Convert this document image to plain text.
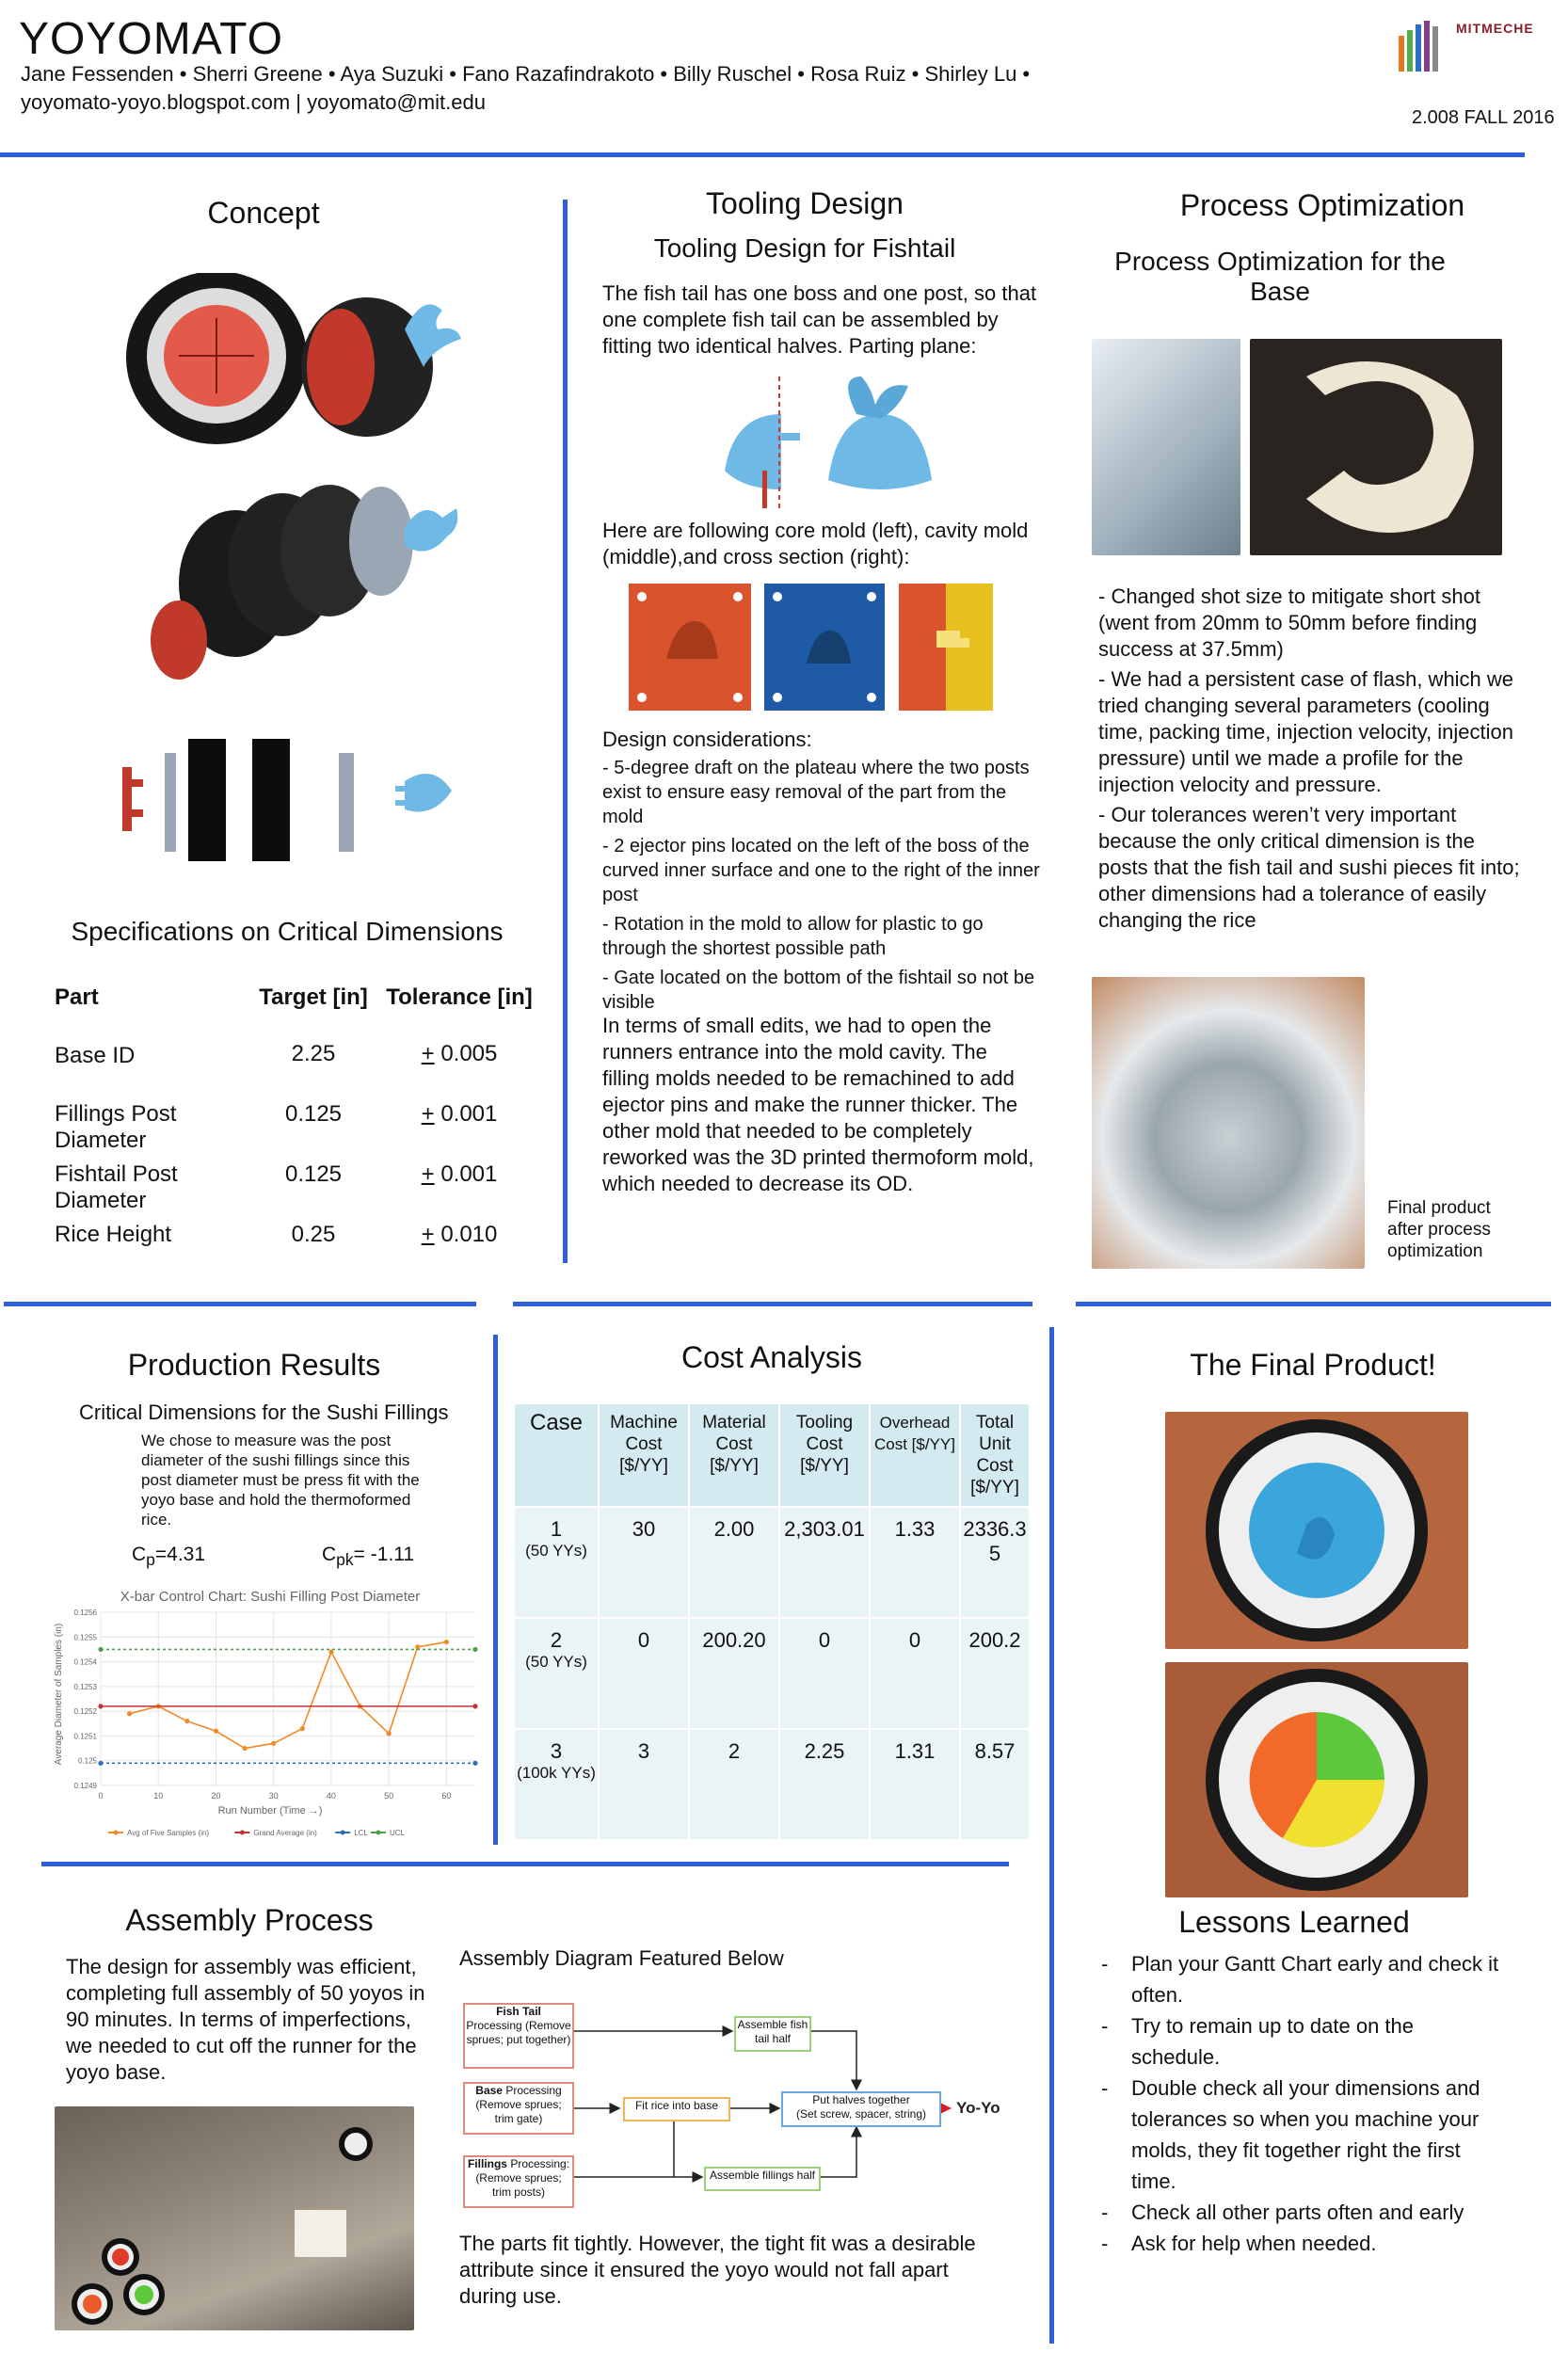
YOYOMATO
Jane Fessenden • Sherri Greene • Aya Suzuki • Fano Razafindrakoto • Billy Ruschel • Rosa Ruiz • Shirley Lu •
yoyomato-yoyo.blogspot.com | yoyomato@mit.edu
MITMECHE
2.008 FALL 2016
Concept
Specifications on Critical Dimensions
Part	Target [in]	Tolerance [in]
Base ID	2.25	+ 0.005
Fillings Post Diameter	0.125	+ 0.001
Fishtail Post Diameter	0.125	+ 0.001
Rice Height	0.25	+ 0.010
Tooling Design
Tooling Design for Fishtail
The fish tail has one boss and one post, so that one complete fish tail can be assembled by fitting two identical halves. Parting plane:
Here are following core mold (left), cavity mold (middle),and cross section (right):
Design considerations:
- 5-degree draft on the plateau where the two posts exist to ensure easy removal of the part from the mold
- 2 ejector pins located on the left of the boss of the curved inner surface and one to the right of the inner post
- Rotation in the mold to allow for plastic to go through the shortest possible path
- Gate located on the bottom of the fishtail so not be visible
In terms of small edits, we had to open the runners entrance into the mold cavity. The filling molds needed to be remachined to add ejector pins and make the runner thicker. The other mold that needed to be completely reworked was the 3D printed thermoform mold, which needed to decrease its OD.
Process Optimization
Process Optimization for the Base
- Changed shot size to mitigate short shot (went from 20mm to 50mm before finding success at 37.5mm)
- We had a persistent case of flash, which we tried changing several parameters (cooling time, packing time, injection velocity, injection pressure) until we made a profile for the injection velocity and pressure.
- Our tolerances weren’t very important because the only critical dimension is the posts that the fish tail and sushi pieces fit into; other dimensions had a tolerance of easily changing the rice
Final product after process optimization
Production Results
Critical Dimensions for the Sushi Fillings
We chose to measure was the post diameter of the sushi fillings since this post diameter must be press fit with the yoyo base and hold the thermoformed rice.
$C_p=4.31$	$C_{pk}= -1.11$
X-bar Control Chart: Sushi Filling Post Diameter
0.1249
0.125
0.1251
0.1252
0.1253
0.1254
0.1255
0.1256
0	10	20	30	40	50	60
Run Number (Time →)
Average Diameter of Samples (in)
Avg of Five Samples (in)	Grand Average (in)	LCL	UCL
Cost Analysis
Case	Machine Cost [$/YY]	Material Cost [$/YY]	Tooling Cost [$/YY]	Overhead Cost [$/YY]	Total Unit Cost [$/YY]
1
(50 YYs)	30	2.00	2,303.01	1.33	2336.35
2
(50 YYs)	0	200.20	0	0	200.2
3
(100k YYs)	3	2	2.25	1.31	8.57
The Final Product!
Lessons Learned
-	Plan your Gantt Chart early and check it often.
-	Try to remain up to date on the schedule.
-	Double check all your dimensions and tolerances so when you machine your molds, they fit together right the first time.
-	Check all other parts often and early
-	Ask for help when needed.
Assembly Process
The design for assembly was efficient, completing full assembly of 50 yoyos in 90 minutes. In terms of imperfections, we needed to cut off the runner for the yoyo base.
Assembly Diagram Featured Below
Fish Tail
Processing (Remove sprues; put together)
Base Processing (Remove sprues; trim gate)
Fillings Processing: (Remove sprues; trim posts)
Assemble fish tail half
Fit rice into base	Put halves together
(Set screw, spacer, string)	Yo-Yo
Assemble fillings half
The parts fit tightly. However, the tight fit was a desirable attribute since it ensured the yoyo would not fall apart during use.
